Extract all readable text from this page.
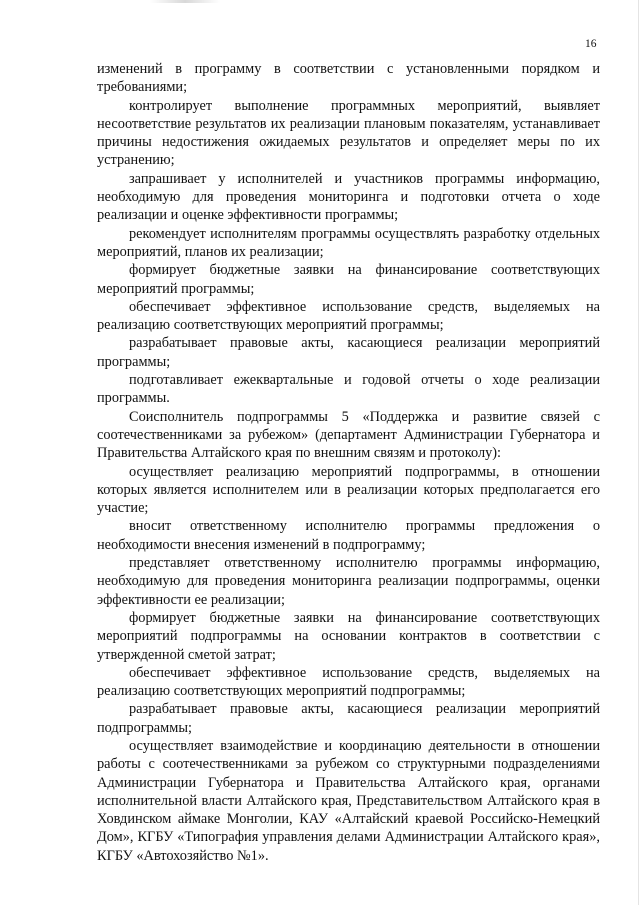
16

изменений в программу в соответствии с установленными порядком и требованиями;

контролирует выполнение программных мероприятий, выявляет несоответствие результатов их реализации плановым показателям, устанавливает причины недостижения ожидаемых результатов и определяет меры по их устранению;

запрашивает у исполнителей и участников программы информацию, необходимую для проведения мониторинга и подготовки отчета о ходе реализации и оценке эффективности программы;

рекомендует исполнителям программы осуществлять разработку отдельных мероприятий, планов их реализации;

формирует бюджетные заявки на финансирование соответствующих мероприятий программы;

обеспечивает эффективное использование средств, выделяемых на реализацию соответствующих мероприятий программы;

разрабатывает правовые акты, касающиеся реализации мероприятий программы;

подготавливает ежеквартальные и годовой отчеты о ходе реализации программы.

Соисполнитель подпрограммы 5 «Поддержка и развитие связей с соотечественниками за рубежом» (департамент Администрации Губернатора и Правительства Алтайского края по внешним связям и протоколу):

осуществляет реализацию мероприятий подпрограммы, в отношении которых является исполнителем или в реализации которых предполагается его участие;

вносит ответственному исполнителю программы предложения о необходимости внесения изменений в подпрограмму;

представляет ответственному исполнителю программы информацию, необходимую для проведения мониторинга реализации подпрограммы, оценки эффективности ее реализации;

формирует бюджетные заявки на финансирование соответствующих мероприятий подпрограммы на основании контрактов в соответствии с утвержденной сметой затрат;

обеспечивает эффективное использование средств, выделяемых на реализацию соответствующих мероприятий подпрограммы;

разрабатывает правовые акты, касающиеся реализации мероприятий подпрограммы;

осуществляет взаимодействие и координацию деятельности в отношении работы с соотечественниками за рубежом со структурными подразделениями Администрации Губернатора и Правительства Алтайского края, органами исполнительной власти Алтайского края, Представительством Алтайского края в Ховдинском аймаке Монголии, КАУ «Алтайский краевой Российско-Немецкий Дом», КГБУ «Типография управления делами Администрации Алтайского края», КГБУ «Автохозяйство №1».
